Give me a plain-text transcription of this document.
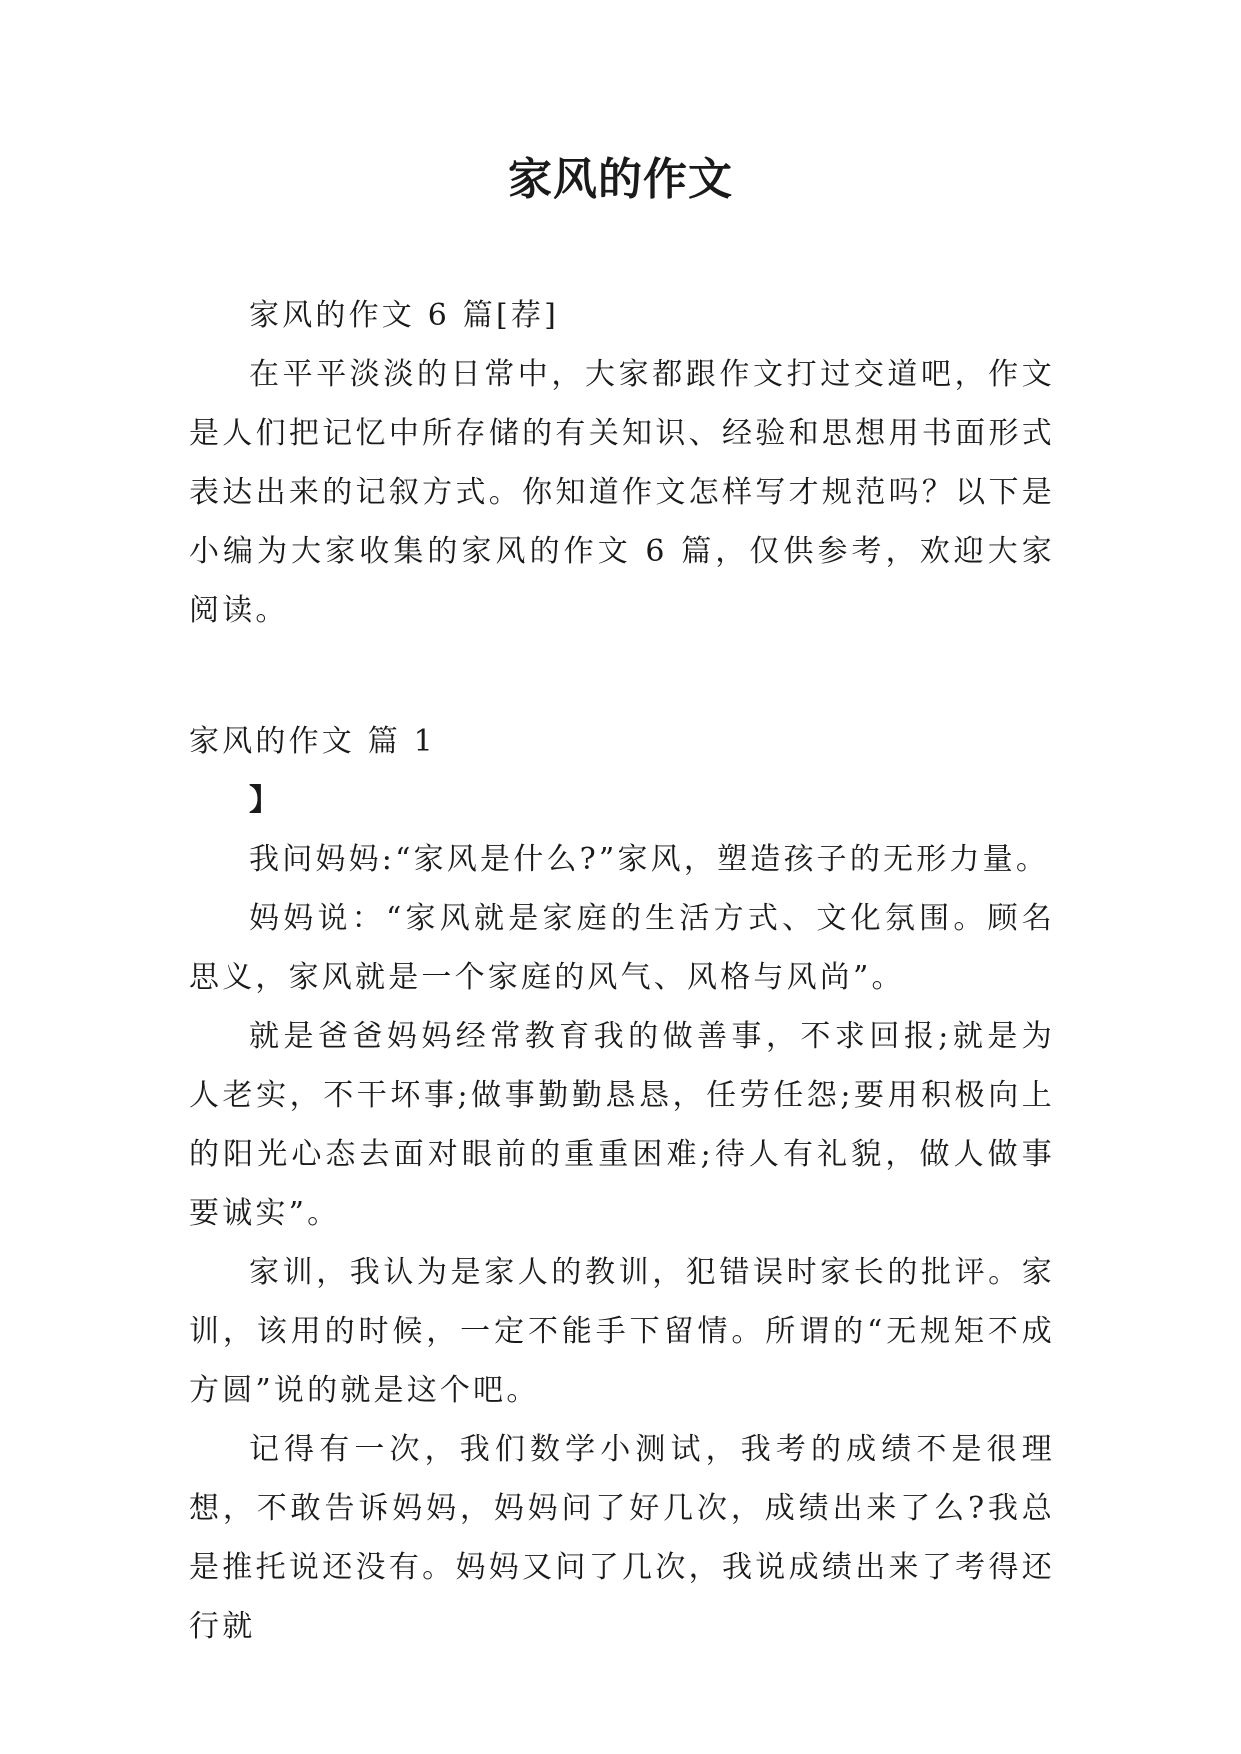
家风的作文

家风的作文 6 篇[荐]

在平平淡淡的日常中，大家都跟作文打过交道吧，作文是人们把记忆中所存储的有关知识、经验和思想用书面形式表达出来的记叙方式。你知道作文怎样写才规范吗？以下是小编为大家收集的家风的作文 6 篇，仅供参考，欢迎大家阅读。

家风的作文 篇 1

】

我问妈妈:“家风是什么?”家风，塑造孩子的无形力量。

妈妈说：“家风就是家庭的生活方式、文化氛围。顾名思义，家风就是一个家庭的风气、风格与风尚”。

就是爸爸妈妈经常教育我的做善事，不求回报;就是为人老实，不干坏事;做事勤勤恳恳，任劳任怨;要用积极向上的阳光心态去面对眼前的重重困难;待人有礼貌，做人做事要诚实”。

家训，我认为是家人的教训，犯错误时家长的批评。家训，该用的时候，一定不能手下留情。所谓的“无规矩不成方圆”说的就是这个吧。

记得有一次，我们数学小测试，我考的成绩不是很理想，不敢告诉妈妈，妈妈问了好几次，成绩出来了么?我总是推托说还没有。妈妈又问了几次，我说成绩出来了考得还行就
